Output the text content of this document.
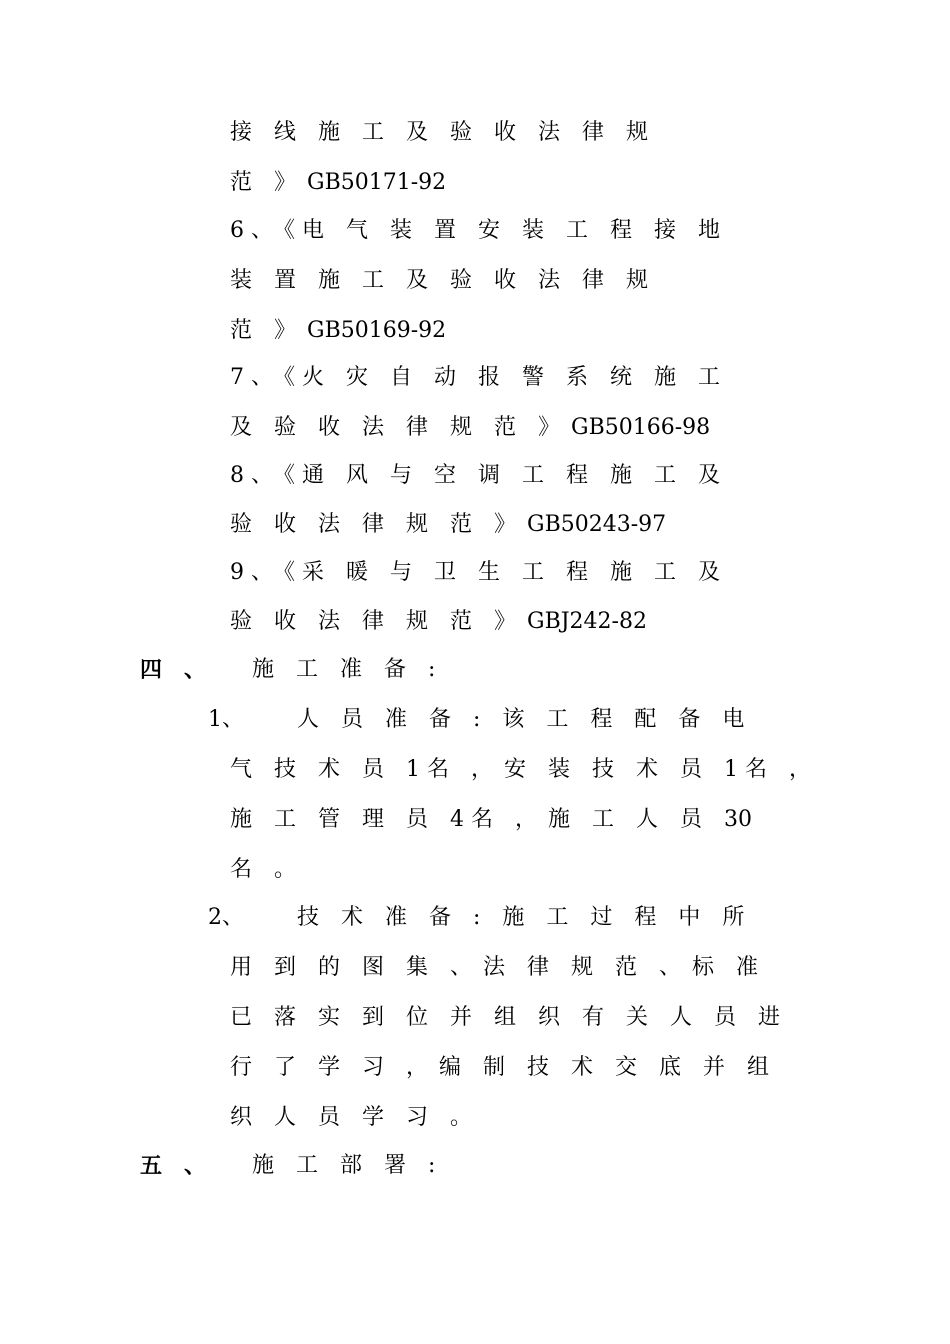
接　线　施　工　及　验　收　法　律　规
范　》　GB50171-92
6 、　《 电　气　装　置　安　装　工　程　接　地
装　置　施　工　及　验　收　法　律　规
范　》　GB50169-92
7 、　《 火　灾　自　动　报　警　系　统　施　工
及　验　收　法　律　规　范　》　GB50166-98
8 、　《 通　风　与　空　调　工　程　施　工　及
验　收　法　律　规　范　》　GB50243-97
9 、　《 采　暖　与　卫　生　工　程　施　工　及
验　收　法　律　规　范　》　GBJ242-82
四　、 施　工　准　备　:
1、 人　员　准　备　:　该　工　程　配　备　电
气　技　术　员　1 名　，　安　装　技　术　员　1 名　，
施　工　管　理　员　4 名　，　施　工　人　员　30
名　。
2、 技　术　准　备　:　施　工　过　程　中　所
用　到　的　图　集　、　法　律　规　范　、　标　准
已　落　实　到　位　并　组　织　有　关　人　员　进
行　了　学　习　，　编　制　技　术　交　底　并　组
织　人　员　学　习　。
五　、 施　工　部　署　:
